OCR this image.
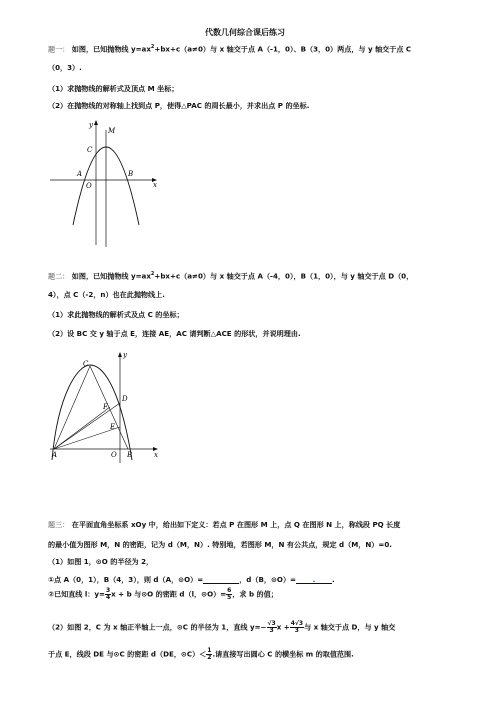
代数几何综合课后练习
题一： 如图，已知抛物线 $y=ax^2+bx+c(a\ne 0)$与 x 轴交于点 A（-1，0）、B（3，0）两点，与 y 轴交于点 C
（0，3）.
（1）求抛物线的解析式及顶点 M 坐标；
（2）在抛物线的对称轴上找到点 P，使得△PAC 的周长最小，并求出点 P 的坐标.
y
x
M
C
A
O
B
题二： 如图，已知抛物线 $y=ax^2+bx+c(a\ne 0)$与 x 轴交于点 A（-4，0），B（1，0），与 y 轴交于点 D（0，
4），点 C（-2，n）也在此抛物线上.
（1）求此抛物线的解析式及点 C 的坐标；
（2）设 BC 交 y 轴于点 E，连接 AE，AC 请判断△ACE 的形状，并说明理由.
y
x
C
D
F
E
A	O B
题三： 在平面直角坐标系 xOy 中，给出如下定义：若点 P 在图形 M 上，点 Q 在图形 N 上，称线段 PQ 长度
的最小值为图形 M，N 的密距，记为 d（M，N）. 特别地，若图形 M，N 有公共点，规定 d（M，N）=0.
（1）如图 1，⊙O 的半径为 2，
①点 A（0，1），B（4，3），则 d（A，⊙O）=	，d（B，⊙O）= . .
②已知直线 l：$y= \frac{3}{4}$ x + b 与⊙O 的密距 d（l，⊙O）= $\frac{6}{5}$ ，求 b 的值；
（2）如图 2，C 为 x 轴正半轴上一点，⊙C 的半径为 1，直线 $y=- \frac{√3}{3}$ $x + \frac{4√3}{3}$ 与 x 轴交于点 D，与 y 轴交
于点 E，线段 DE 与⊙C 的密距 d（DE，⊙C）＜ $\frac{1}{2}$ .请直接写出圆心 C 的横坐标 m 的取值范围.
